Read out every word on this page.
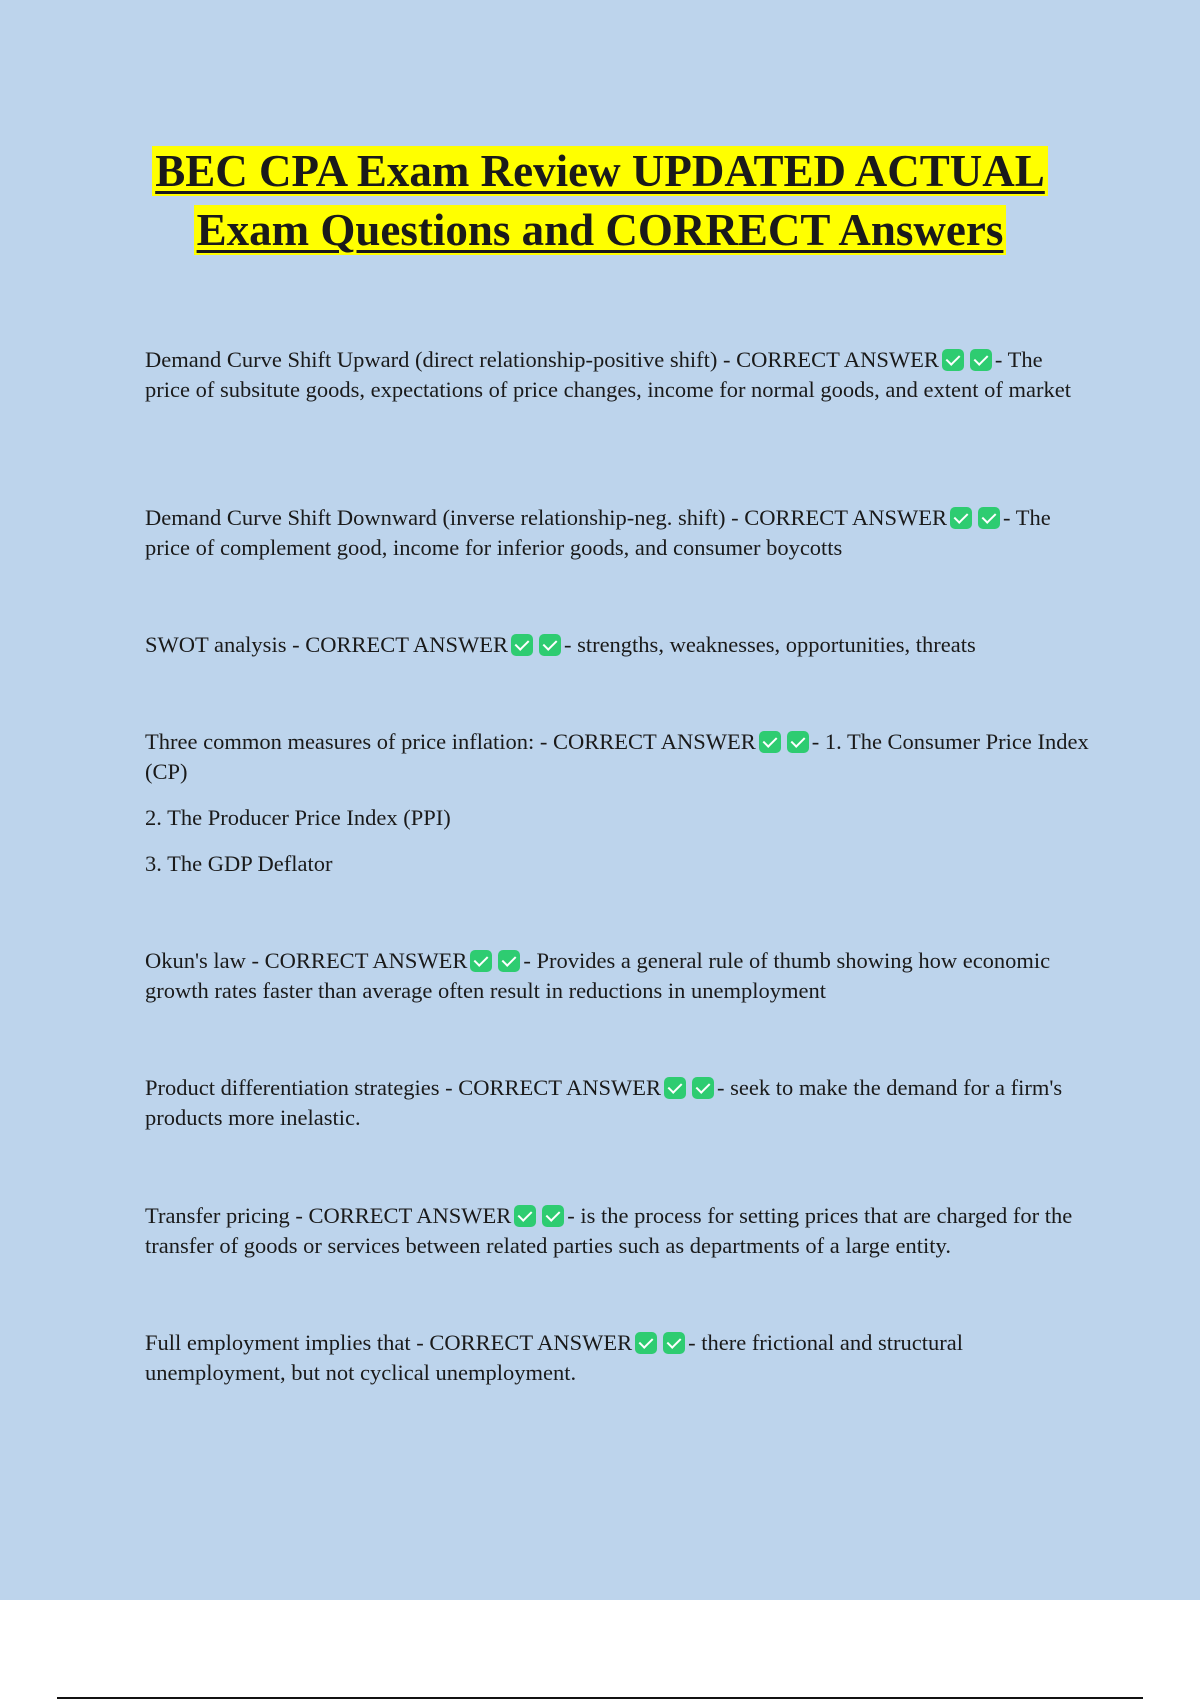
BEC CPA Exam Review UPDATED ACTUAL Exam Questions and CORRECT Answers

Demand Curve Shift Upward (direct relationship-positive shift) - CORRECT ANSWER - The price of subsitute goods, expectations of price changes, income for normal goods, and extent of market

Demand Curve Shift Downward (inverse relationship-neg. shift) - CORRECT ANSWER - The price of complement good, income for inferior goods, and consumer boycotts

SWOT analysis - CORRECT ANSWER - strengths, weaknesses, opportunities, threats

Three common measures of price inflation: - CORRECT ANSWER - 1. The Consumer Price Index (CP)

2. The Producer Price Index (PPI)

3. The GDP Deflator

Okun's law - CORRECT ANSWER - Provides a general rule of thumb showing how economic growth rates faster than average often result in reductions in unemployment

Product differentiation strategies - CORRECT ANSWER - seek to make the demand for a firm's products more inelastic.

Transfer pricing - CORRECT ANSWER - is the process for setting prices that are charged for the transfer of goods or services between related parties such as departments of a large entity.

Full employment implies that - CORRECT ANSWER - there frictional and structural unemployment, but not cyclical unemployment.
